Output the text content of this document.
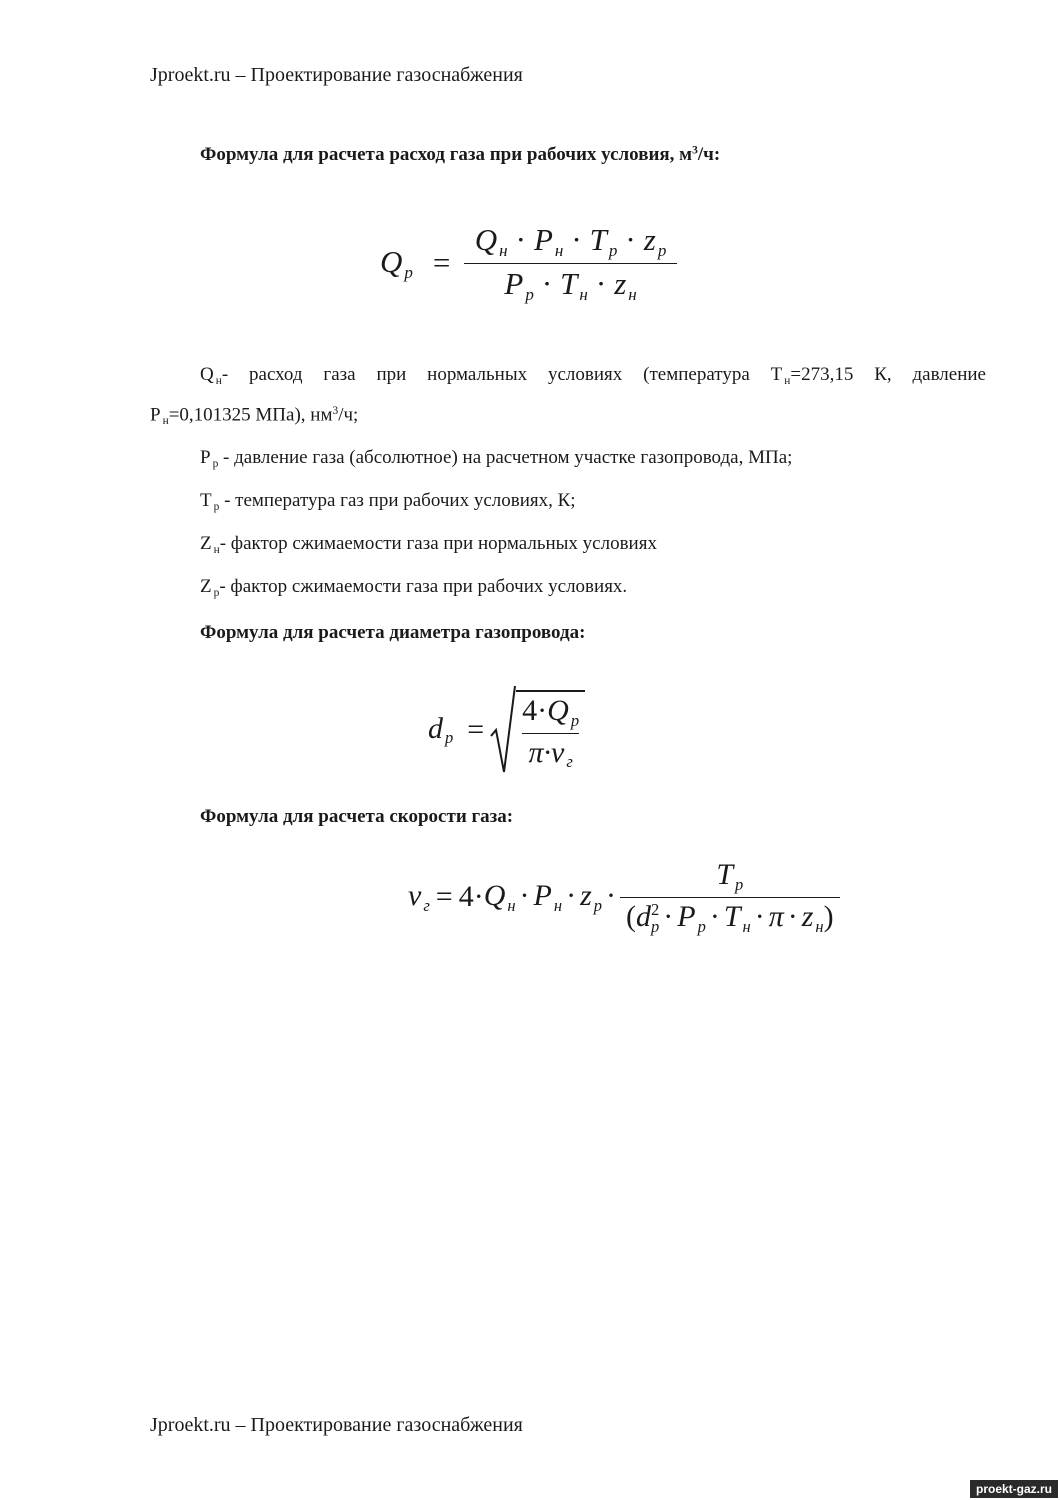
Jproekt.ru – Проектирование газоснабжения
Формула для расчета расход газа при рабочих условия, $м^3/ч$:
Q $_р = \frac{Q _н \cdot P _н \cdot T _р \cdot z _р}{P _р \cdot T _н \cdot z _н}$
Q $_н$- расход газа при нормальных условиях (температура Т $_н$=273,15 К, давление
Р $_н$=0,101325 МПа), $нм^3/ч$;
Р $_р$ - давление газа (абсолютное) на расчетном участке газопровода, МПа;
Т $_р$ - температура газ при рабочих условиях, К;
Z $_н$- фактор сжимаемости газа при нормальных условиях
Z $_р$- фактор сжимаемости газа при рабочих условиях.
Формула для расчета диаметра газопровода:
d $_р = \frac{4\cdot Q _р}{\pi\cdot\nu _г}$
Формула для расчета скорости газа:
ν $_г$ = 4· Q $_н$ · P $_н$ · z $_р$ · T $_р$
(d 2
p · P $_р$ · T $_н$ · π · z $_н$)
Jproekt.ru – Проектирование газоснабжения
proekt-gaz.ru
